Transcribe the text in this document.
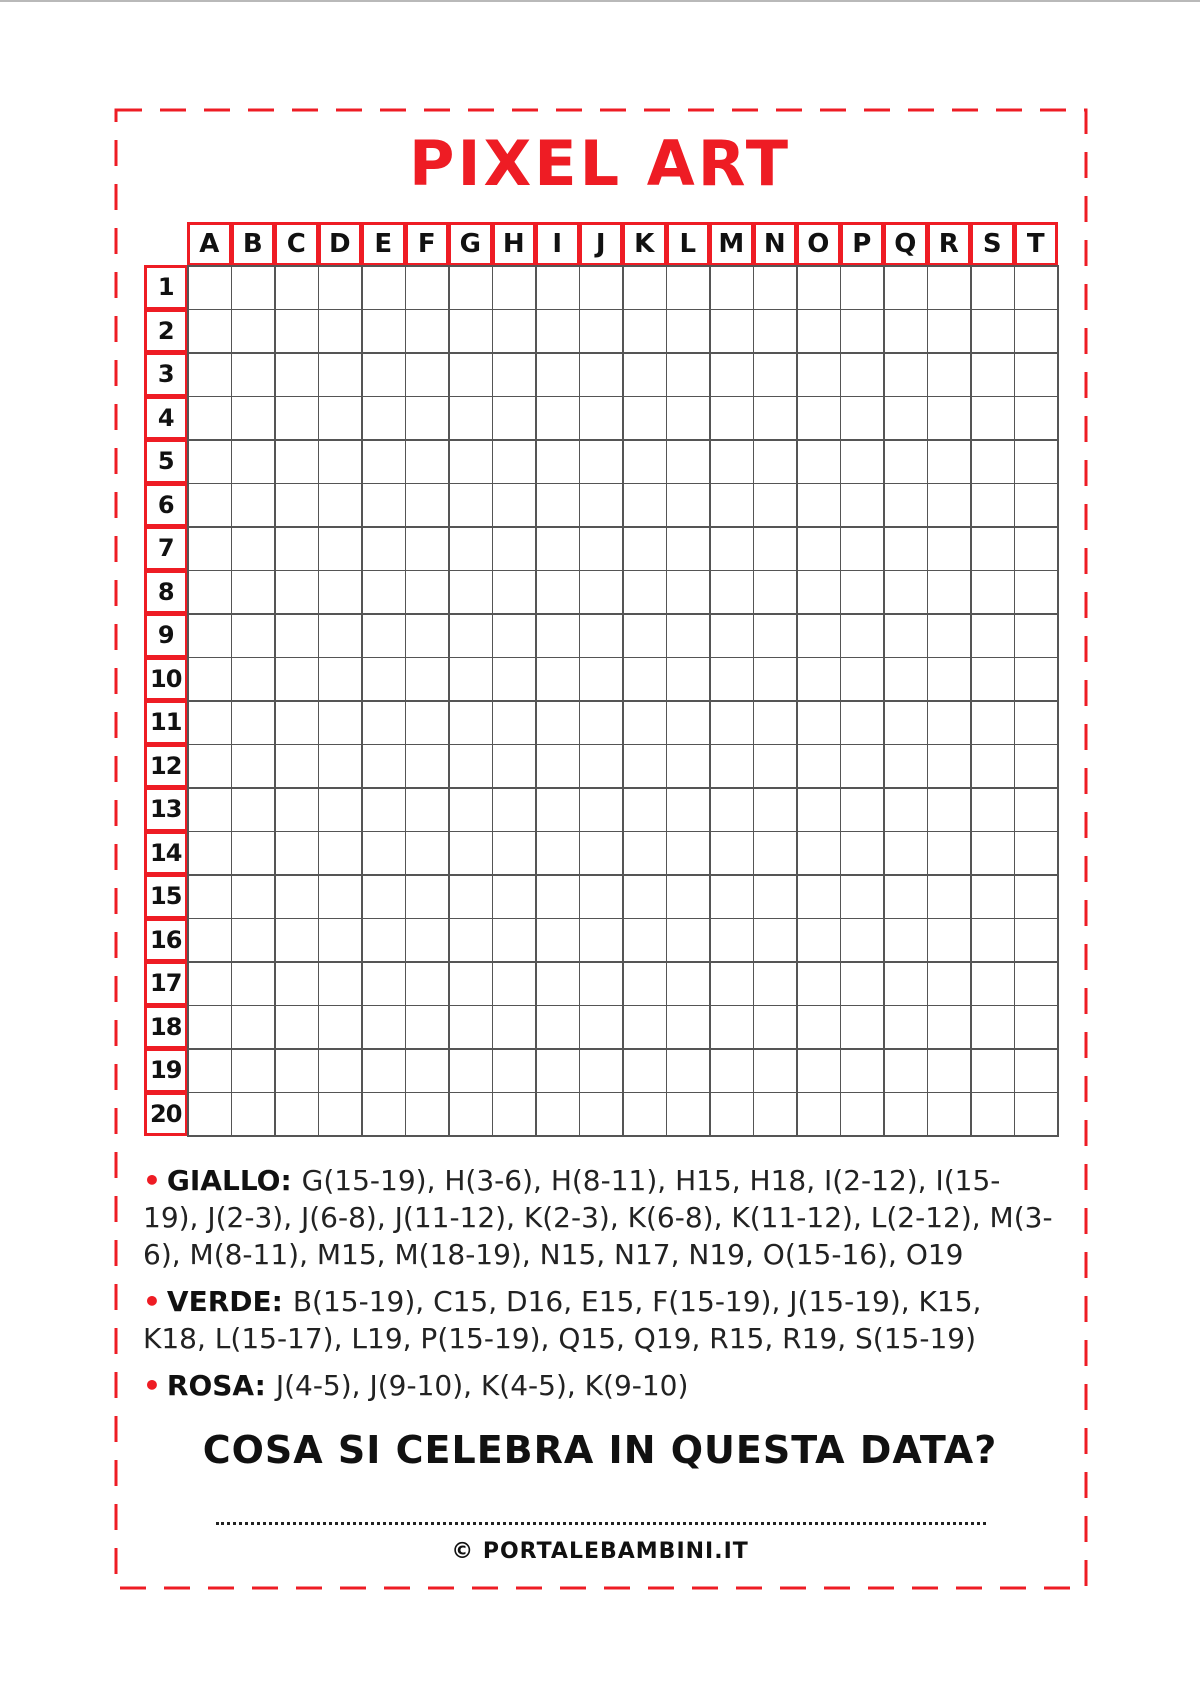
PIXEL ART
A B C D E F G H	I	J	K L M N O P Q R S T
1
2
3
4
5
6
7
8
9
10
11
12
13
14
15
16
17
18
19
20
• GIALLO: G(15-19), H(3-6), H(8-11), H15, H18, I(2-12), I(15-19), J(2-3), J(6-8), J(11-12), K(2-3), K(6-8), K(11-12), L(2-12), M(3-6), M(8-11), M15, M(18-19), N15, N17, N19, O(15-16), O19
• VERDE: B(15-19), C15, D16, E15, F(15-19), J(15-19), K15, K18, L(15-17), L19, P(15-19), Q15, Q19, R15, R19, S(15-19)
• ROSA: J(4-5), J(9-10), K(4-5), K(9-10)
COSA SI CELEBRA IN QUESTA DATA?
© PORTALEBAMBINI.IT
